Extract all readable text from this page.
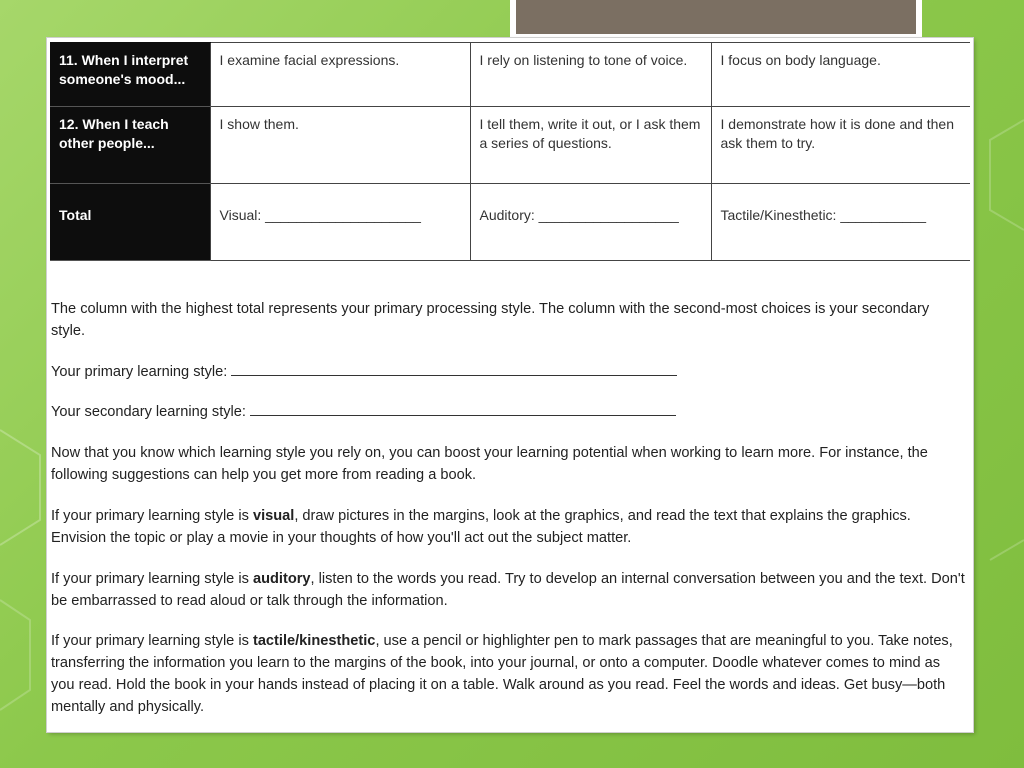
11. When I interpret someone's mood...	I examine facial expressions.	I rely on listening to tone of voice.	I focus on body language.
12. When I teach other people...	I show them.	I tell them, write it out, or I ask them a series of questions.	I demonstrate how it is done and then ask them to try.
Total	Visual: ____________________	Auditory: __________________	Tactile/Kinesthetic: ___________

The column with the highest total represents your primary processing style. The column with the second-most choices is your secondary style.

Your primary learning style:

Your secondary learning style:

Now that you know which learning style you rely on, you can boost your learning potential when working to learn more. For instance, the following suggestions can help you get more from reading a book.

If your primary learning style is visual, draw pictures in the margins, look at the graphics, and read the text that explains the graphics. Envision the topic or play a movie in your thoughts of how you'll act out the subject matter.

If your primary learning style is auditory, listen to the words you read. Try to develop an internal conversation between you and the text. Don't be embarrassed to read aloud or talk through the information.

If your primary learning style is tactile/kinesthetic, use a pencil or highlighter pen to mark passages that are meaningful to you. Take notes, transferring the information you learn to the margins of the book, into your journal, or onto a computer. Doodle whatever comes to mind as you read. Hold the book in your hands instead of placing it on a table. Walk around as you read. Feel the words and ideas. Get busy—both mentally and physically.
